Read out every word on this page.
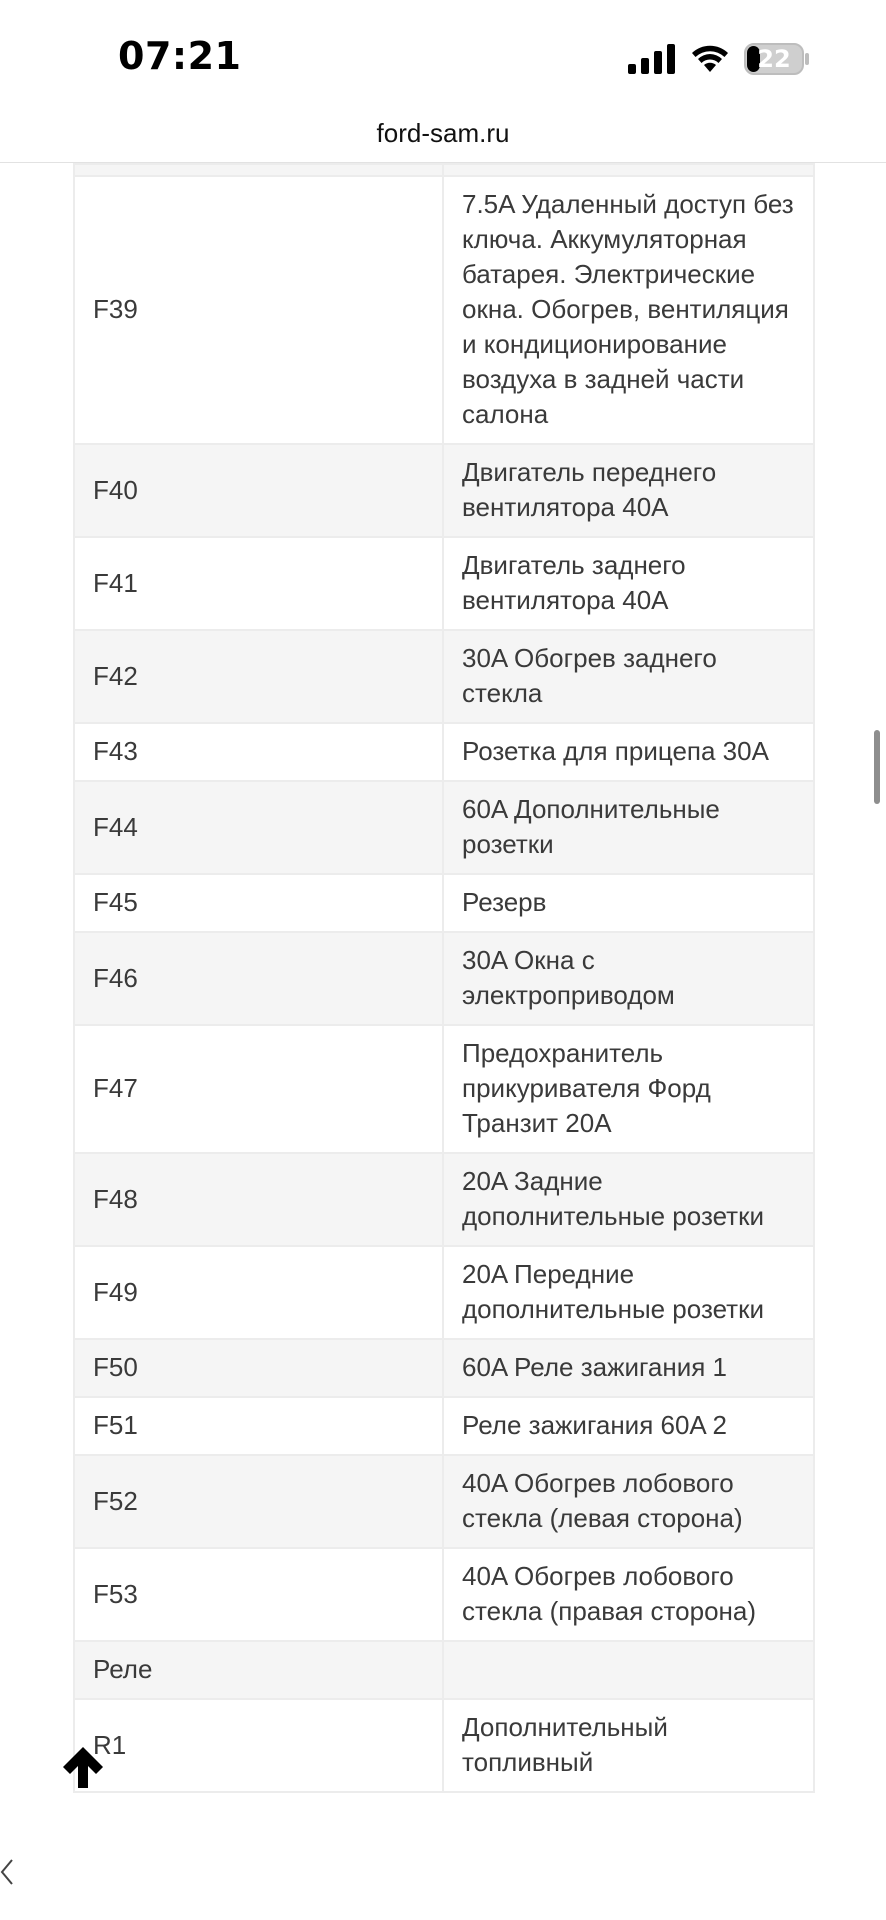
07:21	22
ford-sam.ru

F39	7.5A Удаленный доступ без ключа. Аккумуляторная батарея. Электрические окна. Обогрев, вентиляция и кондиционирование воздуха в задней части салона
F40	Двигатель переднего вентилятора 40A
F41	Двигатель заднего вентилятора 40A
F42	30A Обогрев заднего стекла
F43	Розетка для прицепа 30A
F44	60A Дополнительные розетки
F45	Резерв
F46	30A Окна с электроприводом
F47	Предохранитель прикуривателя Форд Транзит 20A
F48	20A Задние дополнительные розетки
F49	20A Передние дополнительные розетки
F50	60A Реле зажигания 1
F51	Реле зажигания 60A 2
F52	40A Обогрев лобового стекла (левая сторона)
F53	40A Обогрев лобового стекла (правая сторона)
Реле	
R1	Дополнительный топливный
